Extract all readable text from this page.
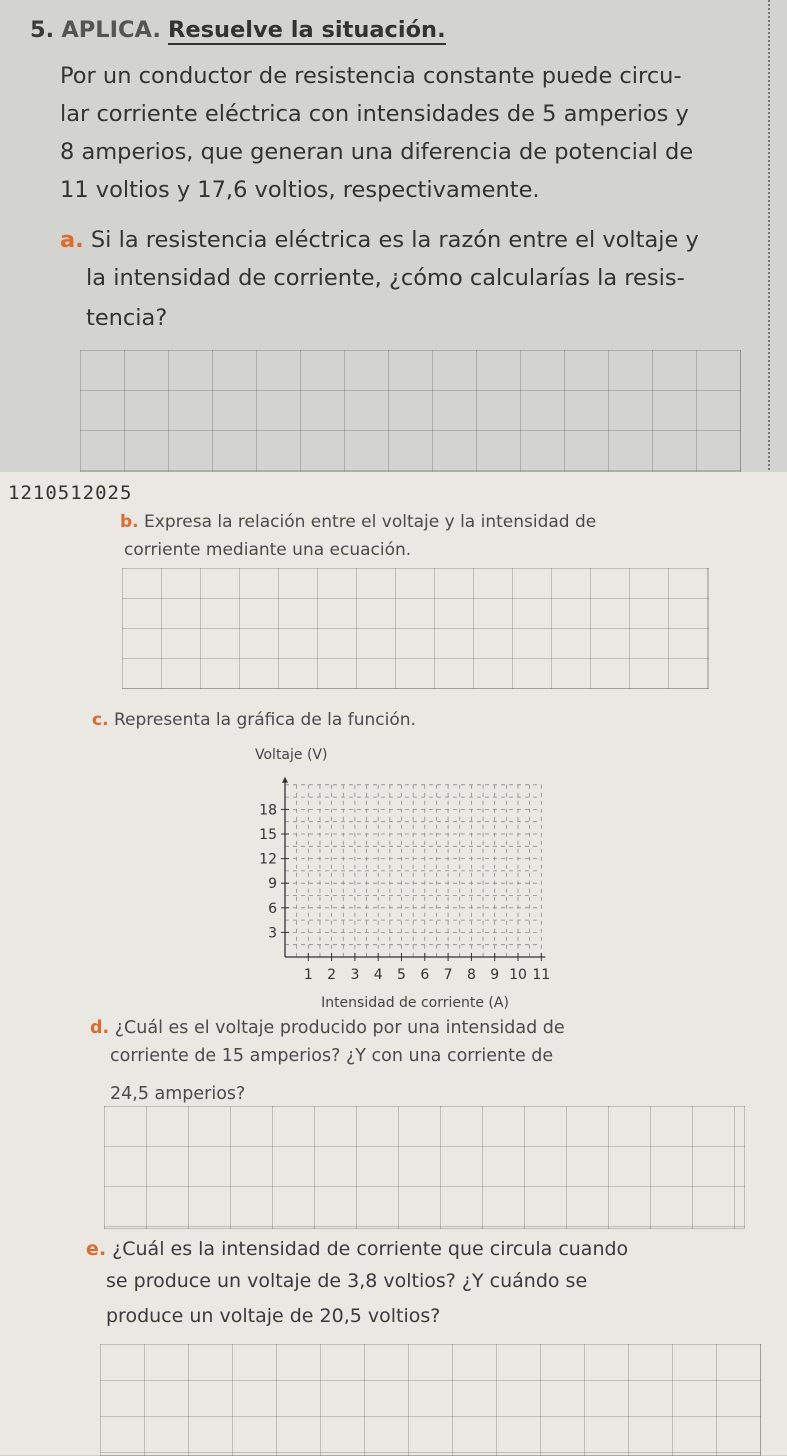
5. APLICA. Resuelve la situación.
Por un conductor de resistencia constante puede circu-
lar corriente eléctrica con intensidades de 5 amperios y
8 amperios, que generan una diferencia de potencial de
11 voltios y 17,6 voltios, respectivamente.
a. Si la resistencia eléctrica es la razón entre el voltaje y
la intensidad de corriente, ¿cómo calcularías la resis-
tencia?
1210512025
b. Expresa la relación entre el voltaje y la intensidad de
corriente mediante una ecuación.
c. Representa la gráfica de la función.
3
6
9
12
15
18
1 2 3 4 5 6 7 8 9 10 11
Voltaje (V)
Intensidad de corriente (A)
d. ¿Cuál es el voltaje producido por una intensidad de
corriente de 15 amperios? ¿Y con una corriente de
24,5 amperios?
e. ¿Cuál es la intensidad de corriente que circula cuando
se produce un voltaje de 3,8 voltios? ¿Y cuándo se
produce un voltaje de 20,5 voltios?
